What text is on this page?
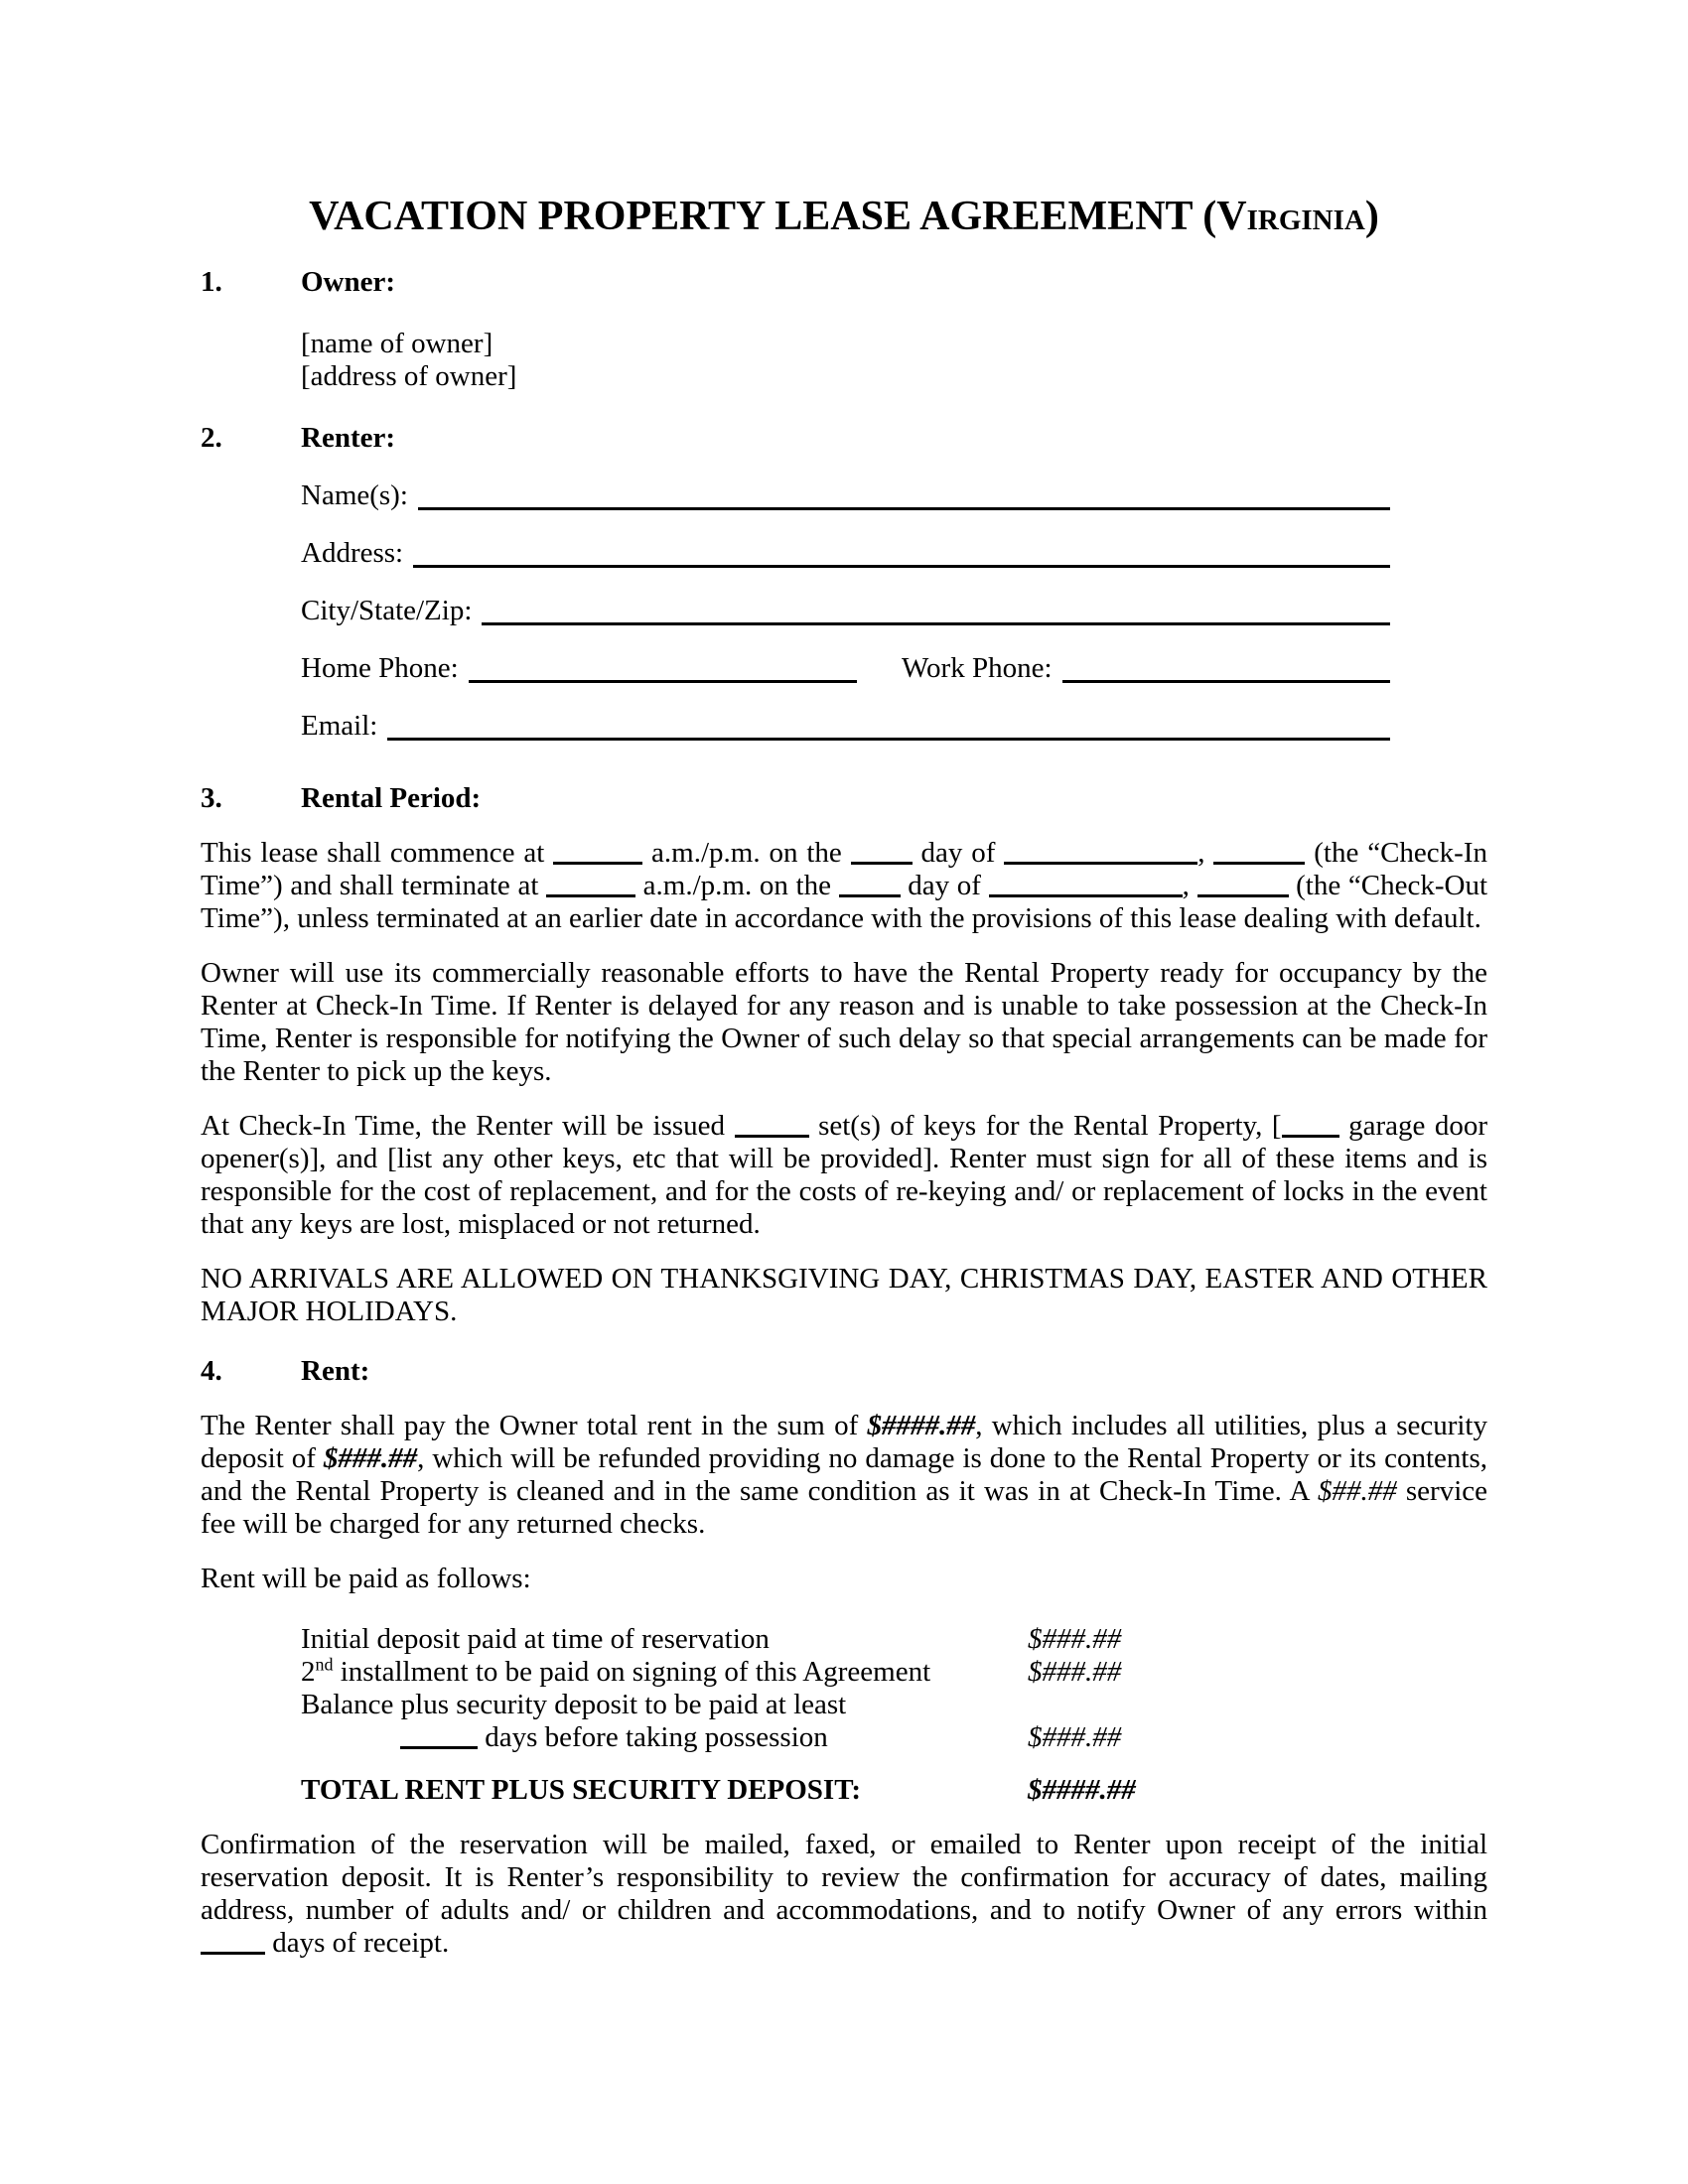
VACATION PROPERTY LEASE AGREEMENT (Virginia)
1.	Owner:
[name of owner]
[address of owner]
2.	Renter:
Name(s):
Address:
City/State/Zip:
Home Phone:	Work Phone:
Email:
3.	Rental Period:

This lease shall commence at	a.m./p.m. on the  day of	,	(the “Check-In Time”) and shall terminate at	a.m./p.m. on the  day of	,	(the “Check-Out Time”), unless terminated at an earlier date in accordance with the provisions of this lease dealing with default.

Owner will use its commercially reasonable efforts to have the Rental Property ready for occupancy by the Renter at Check-In Time. If Renter is delayed for any reason and is unable to take possession at the Check-In Time, Renter is responsible for notifying the Owner of such delay so that special arrangements can be made for the Renter to pick up the keys.

At Check-In Time, the Renter will be issued	set(s) of keys for the Rental Property, [ garage door opener(s)], and [list any other keys, etc that will be provided]. Renter must sign for all of these items and is responsible for the cost of replacement, and for the costs of re-keying and/ or replacement of locks in the event that any keys are lost, misplaced or not returned.

NO ARRIVALS ARE ALLOWED ON THANKSGIVING DAY, CHRISTMAS DAY, EASTER AND OTHER MAJOR HOLIDAYS.

4.	Rent:

The Renter shall pay the Owner total rent in the sum of $####.##, which includes all utilities, plus a security deposit of $###.##, which will be refunded providing no damage is done to the Rental Property or its contents, and the Rental Property is cleaned and in the same condition as it was in at Check-In Time. A $##.## service fee will be charged for any returned checks.

Rent will be paid as follows:

Initial deposit paid at time of reservation	$###.##
2nd installment to be paid on signing of this Agreement	$###.##
Balance plus security deposit to be paid at least
days before taking possession	$###.##
TOTAL RENT PLUS SECURITY DEPOSIT:	$####.##

Confirmation of the reservation will be mailed, faxed, or emailed to Renter upon receipt of the initial reservation deposit. It is Renter’s responsibility to review the confirmation for accuracy of dates, mailing address, number of adults and/ or children and accommodations, and to notify Owner of any errors within  days of receipt.
